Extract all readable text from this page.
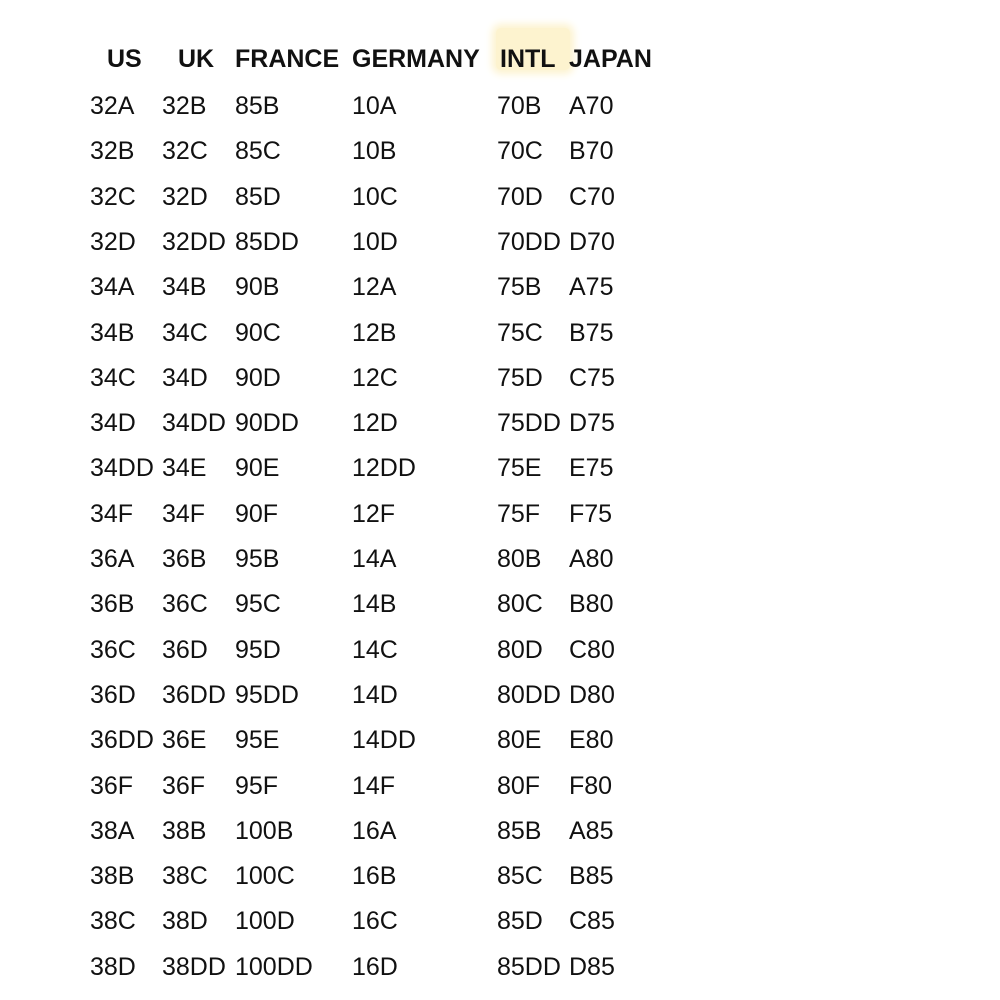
US UK FRANCE GERMANY INTL JAPAN
32A 32B 85B	10A	70B A70
32B 32C 85C	10B	70C B70
32C 32D 85D	10C	70D C70
32D 32DD 85DD 10D	70DD D70
34A 34B 90B	12A	75B A75
34B 34C 90C	12B	75C B75
34C 34D 90D	12C	75D C75
34D 34DD 90DD 12D	75DD D75
34DD 34E 90E	12DD	75E E75
34F 34F 90F	12F	75F F75
36A 36B 95B	14A	80B A80
36B 36C 95C	14B	80C B80
36C 36D 95D	14C	80D C80
36D 36DD 95DD 14D	80DD D80
36DD 36E 95E	14DD	80E E80
36F 36F 95F	14F	80F F80
38A 38B 100B 16A	85B A85
38B 38C 100C 16B	85C B85
38C 38D 100D 16C	85D C85
38D 38DD 100DD 16D	85DD D85
